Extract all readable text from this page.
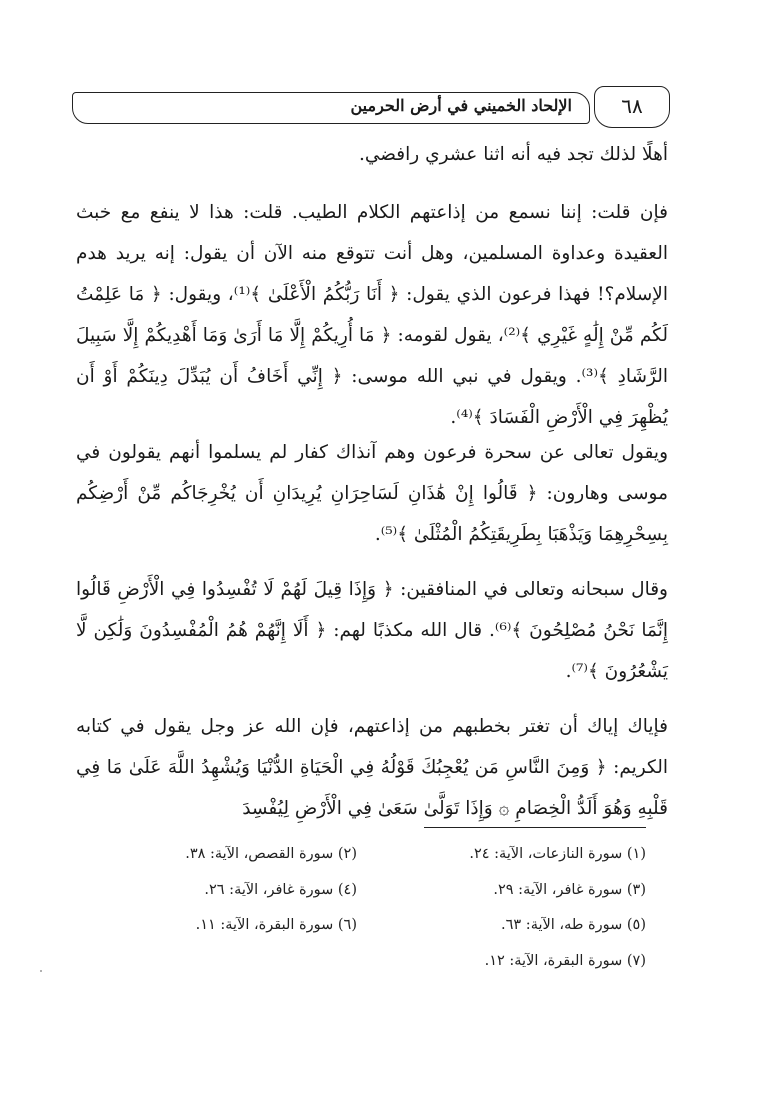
الإلحاد الخميني في أرض الحرمين	٦٨

أهلًا لذلك تجد فيه أنه اثنا عشري رافضي.

فإن قلت: إننا نسمع من إذاعتهم الكلام الطيب. قلت: هذا لا ينفع مع خبث العقيدة وعداوة المسلمين، وهل أنت تتوقع منه الآن أن يقول: إنه يريد هدم الإسلام؟! فهذا فرعون الذي يقول: ﴿ أَنَا رَبُّكُمُ الْأَعْلَىٰ ﴾⁽¹⁾، ويقول: ﴿ مَا عَلِمْتُ لَكُم مِّنْ إِلَٰهٍ غَيْرِي ﴾⁽²⁾، يقول لقومه: ﴿ مَا أُرِيكُمْ إِلَّا مَا أَرَىٰ وَمَا أَهْدِيكُمْ إِلَّا سَبِيلَ الرَّشَادِ ﴾⁽³⁾. ويقول في نبي الله موسى: ﴿ إِنِّي أَخَافُ أَن يُبَدِّلَ دِينَكُمْ أَوْ أَن يُظْهِرَ فِي الْأَرْضِ الْفَسَادَ ﴾⁽⁴⁾.

ويقول تعالى عن سحرة فرعون وهم آنذاك كفار لم يسلموا أنهم يقولون في موسى وهارون: ﴿ قَالُوا إِنْ هَٰذَانِ لَسَاحِرَانِ يُرِيدَانِ أَن يُخْرِجَاكُم مِّنْ أَرْضِكُم بِسِحْرِهِمَا وَيَذْهَبَا بِطَرِيقَتِكُمُ الْمُثْلَىٰ ﴾⁽⁵⁾.

وقال سبحانه وتعالى في المنافقين: ﴿ وَإِذَا قِيلَ لَهُمْ لَا تُفْسِدُوا فِي الْأَرْضِ قَالُوا إِنَّمَا نَحْنُ مُصْلِحُونَ ﴾⁽⁶⁾. قال الله مكذبًا لهم: ﴿ أَلَا إِنَّهُمْ هُمُ الْمُفْسِدُونَ وَلَٰكِن لَّا يَشْعُرُونَ ﴾⁽⁷⁾.

فإياك إياك أن تغتر بخطبهم من إذاعتهم، فإن الله عز وجل يقول في كتابه الكريم: ﴿ وَمِنَ النَّاسِ مَن يُعْجِبُكَ قَوْلُهُ فِي الْحَيَاةِ الدُّنْيَا وَيُشْهِدُ اللَّهَ عَلَىٰ مَا فِي قَلْبِهِ وَهُوَ أَلَدُّ الْخِصَامِ ۞ وَإِذَا تَوَلَّىٰ سَعَىٰ فِي الْأَرْضِ لِيُفْسِدَ

(١) سورة النازعات، الآية: ٢٤.
(٢) سورة القصص، الآية: ٣٨.
(٣) سورة غافر، الآية: ٢٩.
(٤) سورة غافر، الآية: ٢٦.
(٥) سورة طه، الآية: ٦٣.
(٦) سورة البقرة، الآية: ١١.
(٧) سورة البقرة، الآية: ١٢.
